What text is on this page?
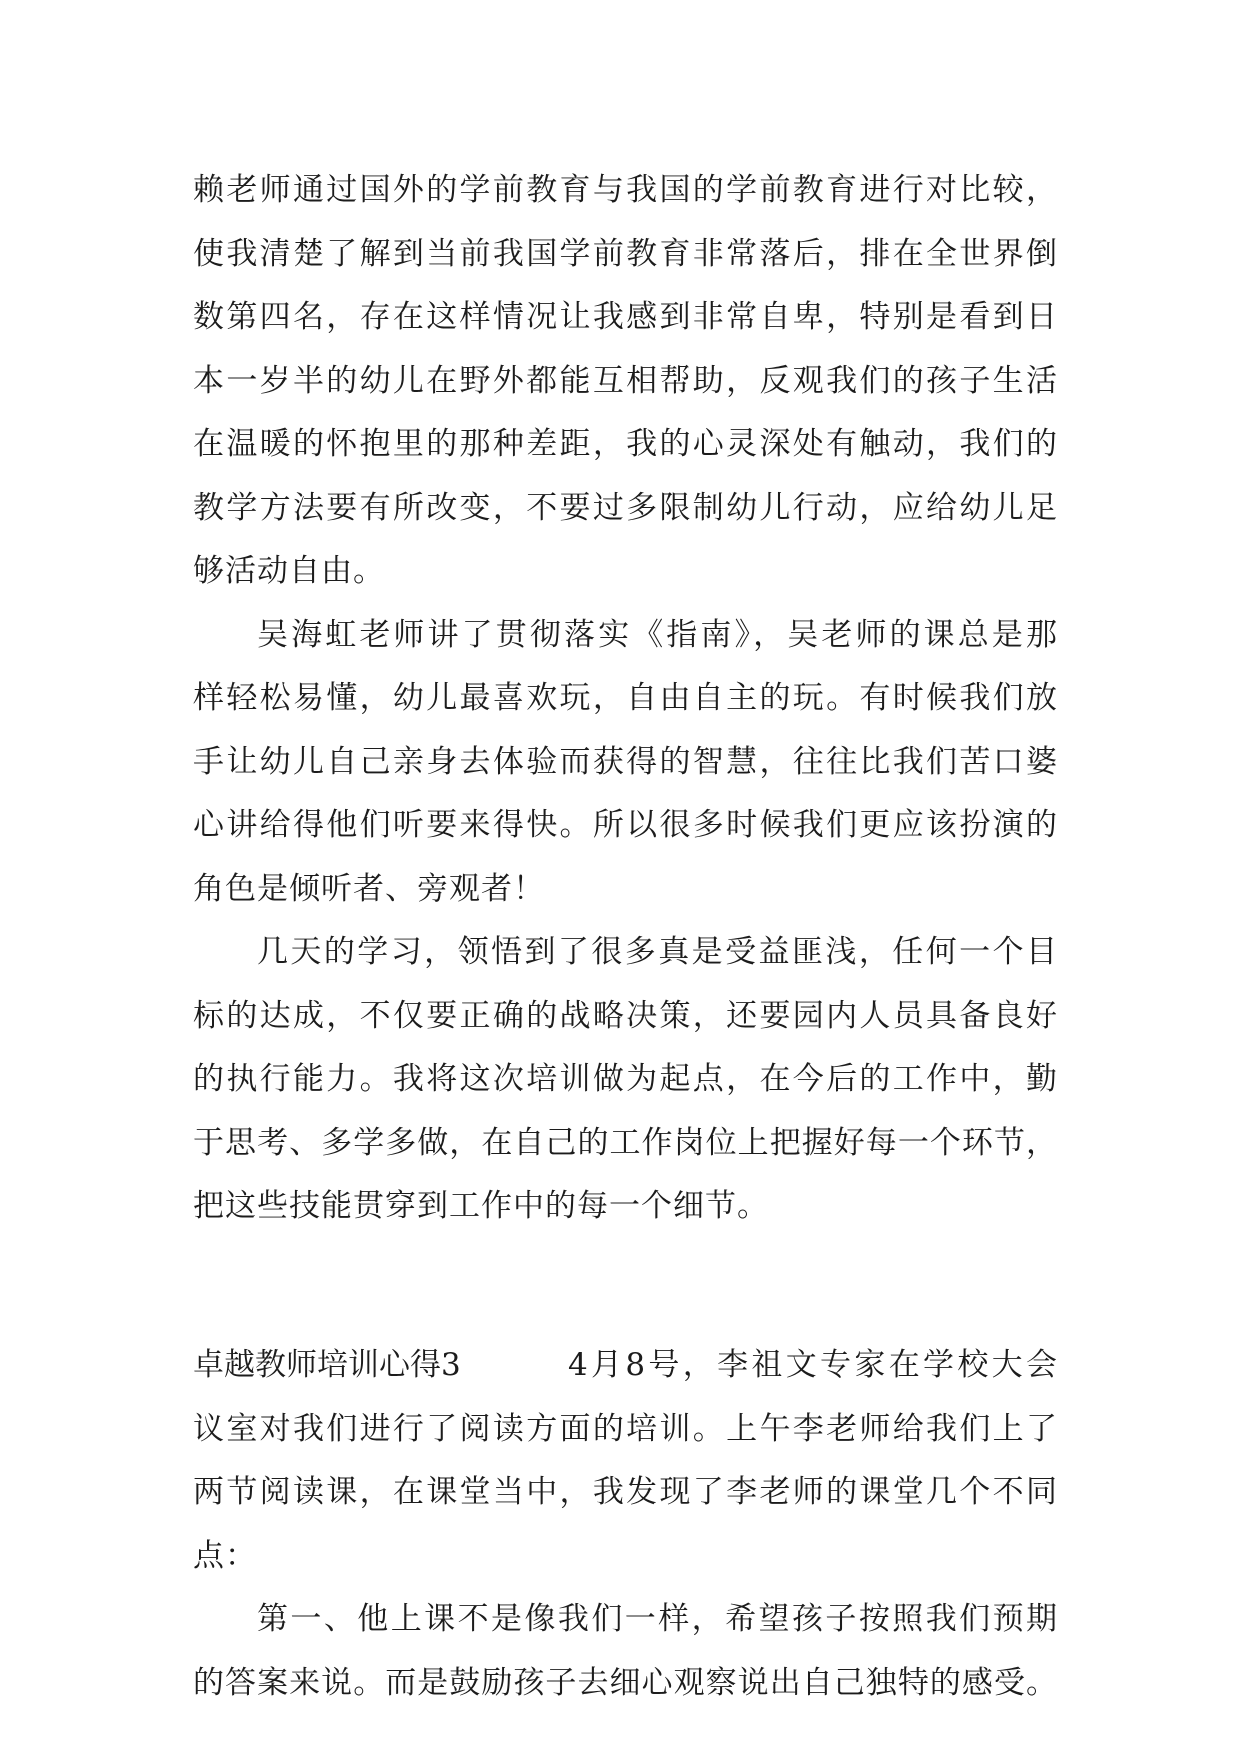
赖老师通过国外的学前教育与我国的学前教育进行对比较，
使我清楚了解到当前我国学前教育非常落后，排在全世界倒
数第四名，存在这样情况让我感到非常自卑，特别是看到日
本一岁半的幼儿在野外都能互相帮助，反观我们的孩子生活
在温暖的怀抱里的那种差距，我的心灵深处有触动，我们的
教学方法要有所改变，不要过多限制幼儿行动，应给幼儿足
够活动自由。
吴海虹老师讲了贯彻落实《指南》，吴老师的课总是那
样轻松易懂，幼儿最喜欢玩，自由自主的玩。有时候我们放
手让幼儿自己亲身去体验而获得的智慧，往往比我们苦口婆
心讲给得他们听要来得快。所以很多时候我们更应该扮演的
角色是倾听者、旁观者！
几天的学习，领悟到了很多真是受益匪浅，任何一个目
标的达成，不仅要正确的战略决策，还要园内人员具备良好
的执行能力。我将这次培训做为起点，在今后的工作中，勤
于思考、多学多做，在自己的工作岗位上把握好每一个环节，
把这些技能贯穿到工作中的每一个细节。
卓越教师培训心得3	4月8号，李祖文专家在学校大会
议室对我们进行了阅读方面的培训。上午李老师给我们上了
两节阅读课，在课堂当中，我发现了李老师的课堂几个不同
点：
第一、他上课不是像我们一样，希望孩子按照我们预期
的答案来说。而是鼓励孩子去细心观察说出自己独特的感受。
